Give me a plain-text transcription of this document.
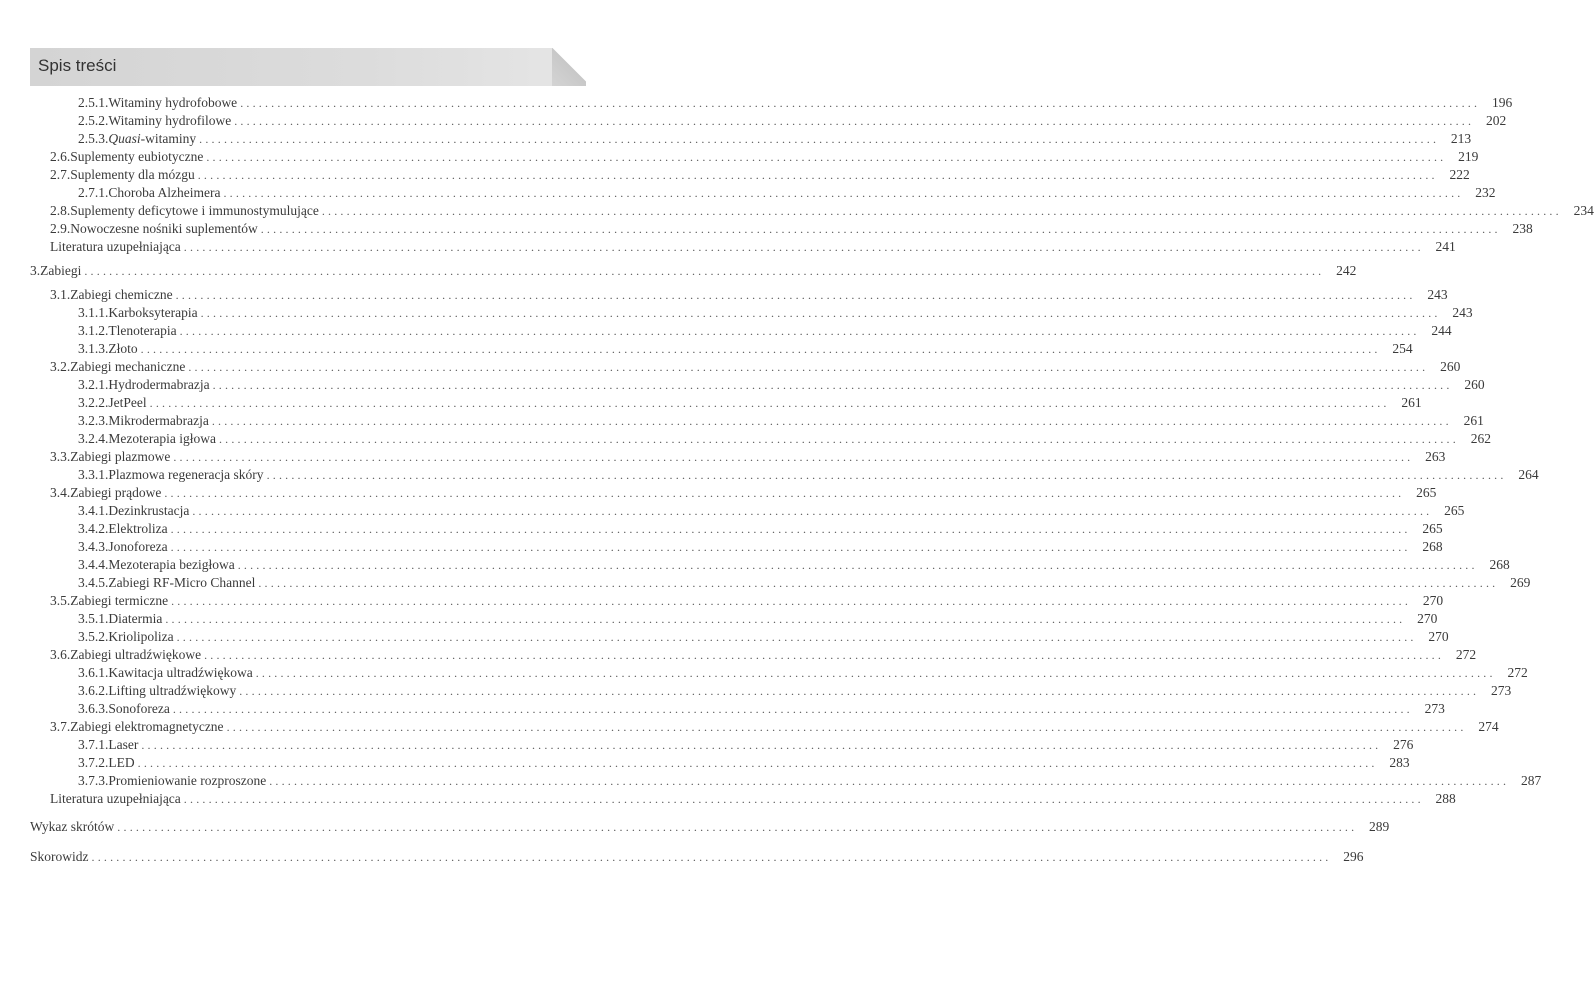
Spis treści
2.5.1. Witaminy hydrofobowe ........................................................................................................................................................................................................ 196
2.5.2. Witaminy hydrofilowe ........................................................................................................................................................................................................ 202
2.5.3. Quasi-witaminy ........................................................................................................................................................................................................ 213
2.6. Suplementy eubiotyczne ........................................................................................................................................................................................................ 219
2.7. Suplementy dla mózgu ........................................................................................................................................................................................................ 222
2.7.1. Choroba Alzheimera ........................................................................................................................................................................................................ 232
2.8. Suplementy deficytowe i immunostymulujące ........................................................................................................................................................................................................ 234
2.9. Nowoczesne nośniki suplementów ........................................................................................................................................................................................................ 238
Literatura uzupełniająca ........................................................................................................................................................................................................ 241
3. Zabiegi ........................................................................................................................................................................................................ 242
3.1. Zabiegi chemiczne ........................................................................................................................................................................................................ 243
3.1.1. Karboksyterapia ........................................................................................................................................................................................................ 243
3.1.2. Tlenoterapia ........................................................................................................................................................................................................ 244
3.1.3. Złoto ........................................................................................................................................................................................................ 254
3.2. Zabiegi mechaniczne ........................................................................................................................................................................................................ 260
3.2.1. Hydrodermabrazja ........................................................................................................................................................................................................ 260
3.2.2. JetPeel ........................................................................................................................................................................................................ 261
3.2.3. Mikrodermabrazja ........................................................................................................................................................................................................ 261
3.2.4. Mezoterapia igłowa ........................................................................................................................................................................................................ 262
3.3. Zabiegi plazmowe ........................................................................................................................................................................................................ 263
3.3.1. Plazmowa regeneracja skóry ........................................................................................................................................................................................................ 264
3.4. Zabiegi prądowe ........................................................................................................................................................................................................ 265
3.4.1. Dezinkrustacja ........................................................................................................................................................................................................ 265
3.4.2. Elektroliza ........................................................................................................................................................................................................ 265
3.4.3. Jonoforeza ........................................................................................................................................................................................................ 268
3.4.4. Mezoterapia bezigłowa ........................................................................................................................................................................................................ 268
3.4.5. Zabiegi RF-Micro Channel ........................................................................................................................................................................................................ 269
3.5. Zabiegi termiczne ........................................................................................................................................................................................................ 270
3.5.1. Diatermia ........................................................................................................................................................................................................ 270
3.5.2. Kriolipoliza ........................................................................................................................................................................................................ 270
3.6. Zabiegi ultradźwiękowe ........................................................................................................................................................................................................ 272
3.6.1. Kawitacja ultradźwiękowa ........................................................................................................................................................................................................ 272
3.6.2. Lifting ultradźwiękowy ........................................................................................................................................................................................................ 273
3.6.3. Sonoforeza ........................................................................................................................................................................................................ 273
3.7. Zabiegi elektromagnetyczne ........................................................................................................................................................................................................ 274
3.7.1. Laser ........................................................................................................................................................................................................ 276
3.7.2. LED ........................................................................................................................................................................................................ 283
3.7.3. Promieniowanie rozproszone ........................................................................................................................................................................................................ 287
Literatura uzupełniająca ........................................................................................................................................................................................................ 288
Wykaz skrótów ........................................................................................................................................................................................................ 289
Skorowidz ........................................................................................................................................................................................................ 296
